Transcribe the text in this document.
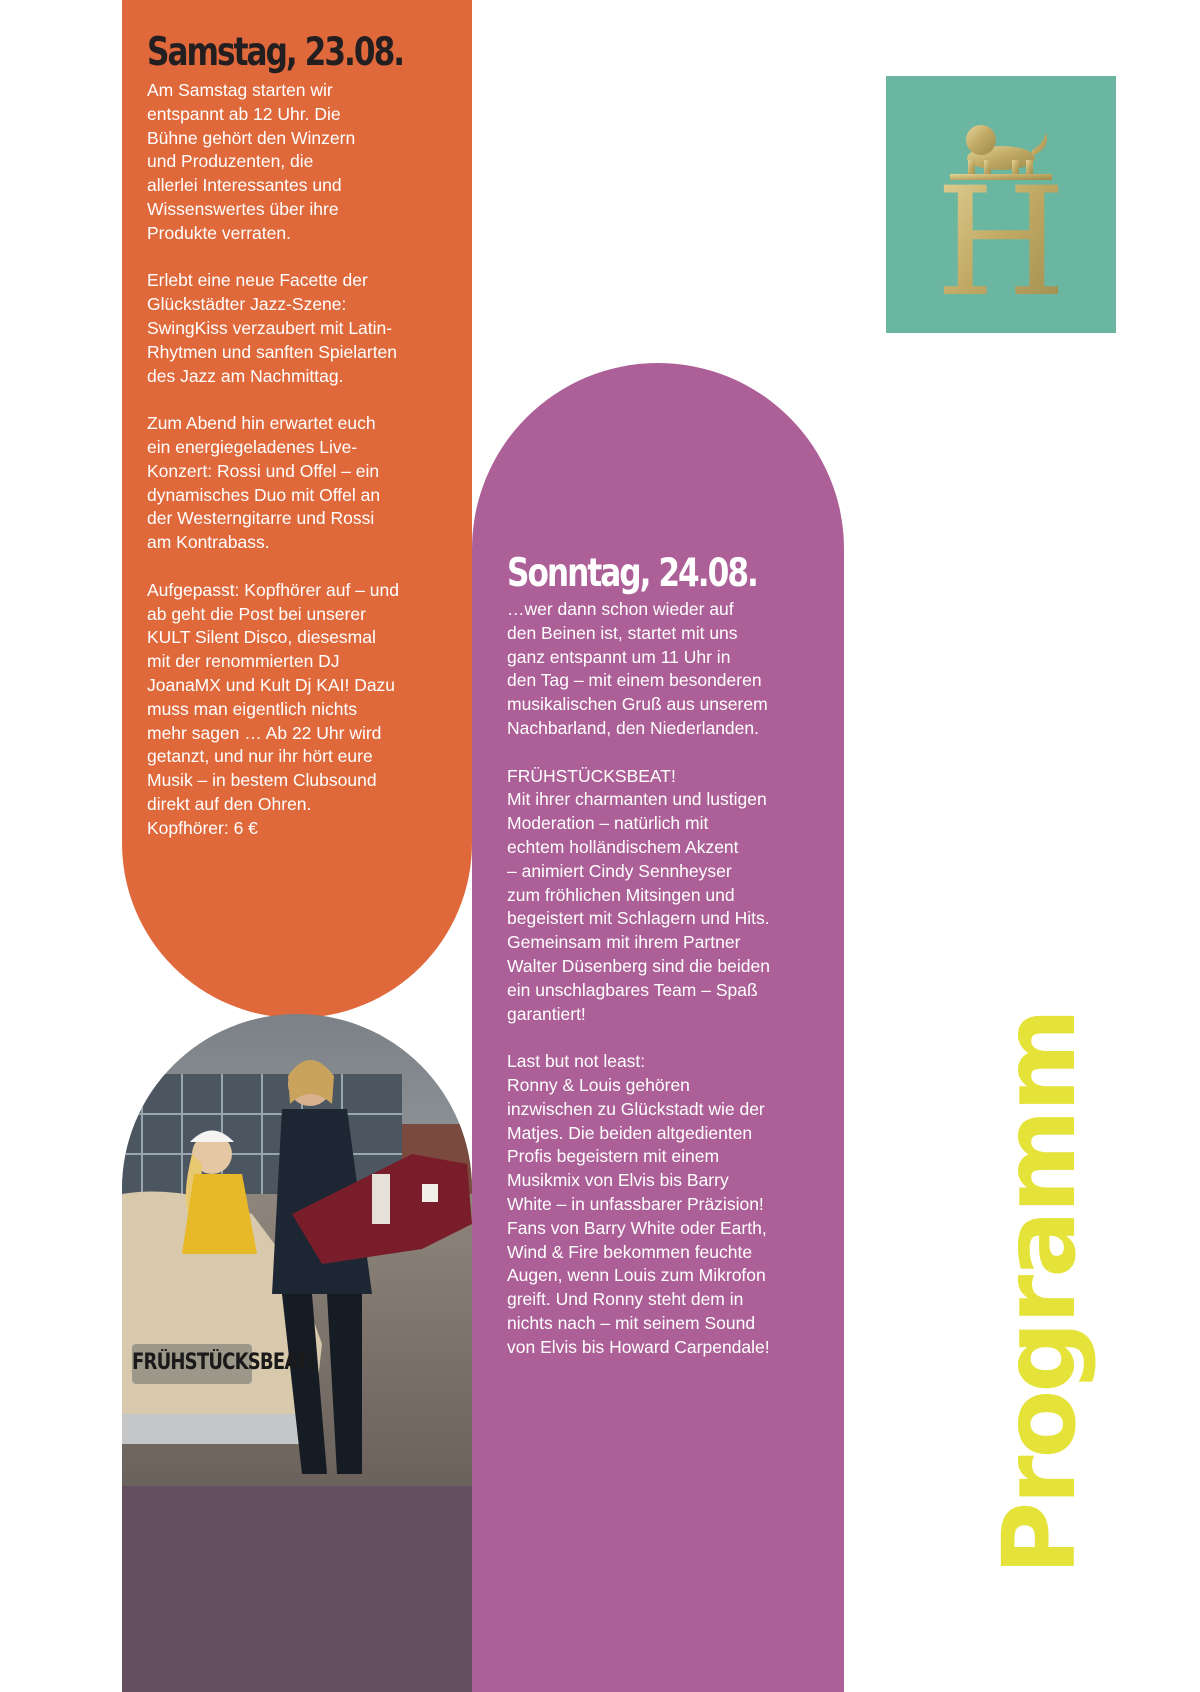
FRÜHSTÜCKSBEAT!
Samstag, 23.08.

Am Samstag starten wir
entspannt ab 12 Uhr. Die
Bühne gehört den Winzern
und Produzenten, die
allerlei Interessantes und
Wissenswertes über ihre
Produkte verraten.

Erlebt eine neue Facette der
Glückstädter Jazz-Szene:
SwingKiss verzaubert mit Latin-
Rhytmen und sanften Spielarten
des Jazz am Nachmittag.

Zum Abend hin erwartet euch
ein energiegeladenes Live-
Konzert: Rossi und Offel – ein
dynamisches Duo mit Offel an
der Westerngitarre und Rossi
am Kontrabass.

Aufgepasst: Kopfhörer auf – und
ab geht die Post bei unserer
KULT Silent Disco, diesesmal
mit der renommierten DJ
JoanaMX und Kult Dj KAI! Dazu
muss man eigentlich nichts
mehr sagen … Ab 22 Uhr wird
getanzt, und nur ihr hört eure
Musik – in bestem Clubsound
direkt auf den Ohren.
Kopfhörer: 6 €

Sonntag, 24.08.

…wer dann schon wieder auf
den Beinen ist, startet mit uns
ganz entspannt um 11 Uhr in
den Tag – mit einem besonderen
musikalischen Gruß aus unserem
Nachbarland, den Niederlanden.

FRÜHSTÜCKSBEAT!
Mit ihrer charmanten und lustigen
Moderation – natürlich mit
echtem holländischem Akzent
– animiert Cindy Sennheyser
zum fröhlichen Mitsingen und
begeistert mit Schlagern und Hits.
Gemeinsam mit ihrem Partner
Walter Düsenberg sind die beiden
ein unschlagbares Team – Spaß
garantiert!

Last but not least:
Ronny & Louis gehören
inzwischen zu Glückstadt wie der
Matjes. Die beiden altgedienten
Profis begeistern mit einem
Musikmix von Elvis bis Barry
White – in unfassbarer Präzision!
Fans von Barry White oder Earth,
Wind & Fire bekommen feuchte
Augen, wenn Louis zum Mikrofon
greift. Und Ronny steht dem in
nichts nach – mit seinem Sound
von Elvis bis Howard Carpendale!

H
Programm
